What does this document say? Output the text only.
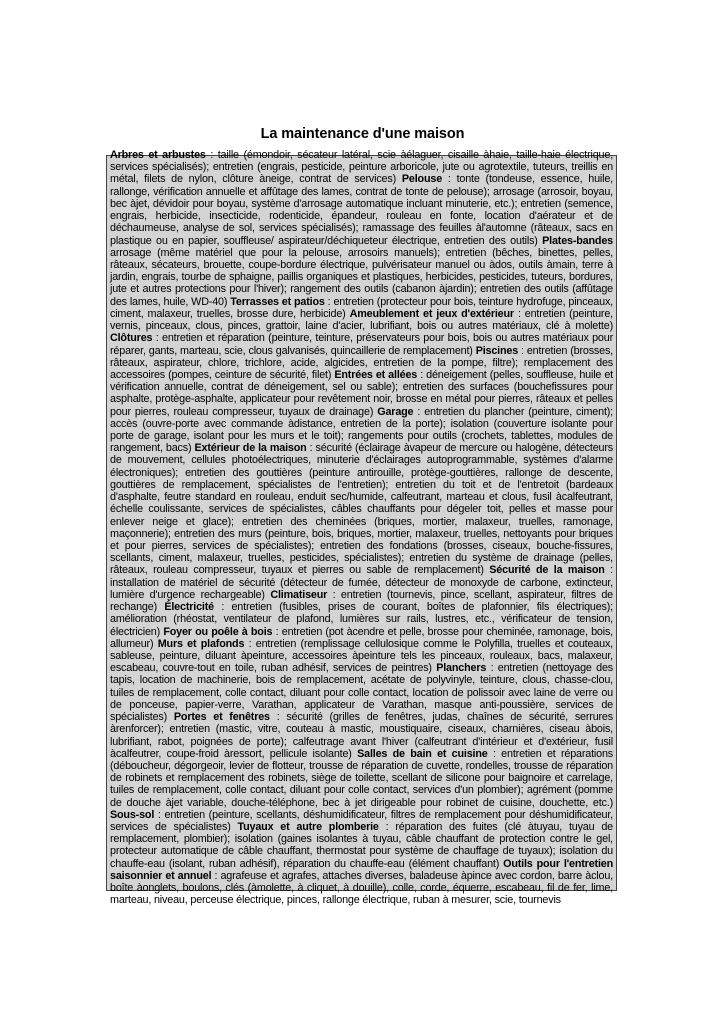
La maintenance d'une maison

Arbres et arbustes : taille (émondoir, sécateur latéral, scie àélaguer, cisaille àhaie, taille-haie électrique, services spécialisés); entretien (engrais, pesticide, peinture arboricole, jute ou agrotextile, tuteurs, treillis en métal, filets de nylon, clôture àneige, contrat de services) Pelouse : tonte (tondeuse, essence, huile, rallonge, vérification annuelle et affûtage des lames, contrat de tonte de pelouse); arrosage (arrosoir, boyau, bec àjet, dévidoir pour boyau, système d'arrosage automatique incluant minuterie, etc.); entretien (semence, engrais, herbicide, insecticide, rodenticide, épandeur, rouleau en fonte, location d'aérateur et de déchaumeuse, analyse de sol, services spécialisés); ramassage des feuilles àl'automne (râteaux, sacs en plastique ou en papier, souffleuse/ aspirateur/déchiqueteur électrique, entretien des outils) Plates-bandes arrosage (même matériel que pour la pelouse, arrosoirs manuels); entretien (bêches, binettes, pelles, râteaux, sécateurs, brouette, coupe-bordure électrique, pulvérisateur manuel ou àdos, outils àmain, terre à jardin, engrais, tourbe de sphaigne, paillis organiques et plastiques, herbicides, pesticides, tuteurs, bordures, jute et autres protections pour l'hiver); rangement des outils (cabanon àjardin); entretien des outils (affûtage des lames, huile, WD-40) Terrasses et patios : entretien (protecteur pour bois, teinture hydrofuge, pinceaux, ciment, malaxeur, truelles, brosse dure, herbicide) Ameublement et jeux d'extérieur : entretien (peinture, vernis, pinceaux, clous, pinces, grattoir, laine d'acier, lubrifiant, bois ou autres matériaux, clé à molette) Clôtures : entretien et réparation (peinture, teinture, préservateurs pour bois, bois ou autres matériaux pour réparer, gants, marteau, scie, clous galvanisés, quincaillerie de remplacement) Piscines : entretien (brosses, râteaux, aspirateur, chlore, trichlore, acide, algicides, entretien de la pompe, filtre); remplacement des accessoires (pompes, ceinture de sécurité, filet) Entrées et allées : déneigement (pelles, souffleuse, huile et vérification annuelle, contrat de déneigement, sel ou sable); entretien des surfaces (bouchefissures pour asphalte, protège-asphalte, applicateur pour revêtement noir, brosse en métal pour pierres, râteaux et pelles pour pierres, rouleau compresseur, tuyaux de drainage) Garage : entretien du plancher (peinture, ciment); accès (ouvre-porte avec commande àdistance, entretien de la porte); isolation (couverture isolante pour porte de garage, isolant pour les murs et le toit); rangements pour outils (crochets, tablettes, modules de rangement, bacs) Extérieur de la maison : sécurité (éclairage àvapeur de mercure ou halogène, détecteurs de mouvement, cellules photoélectriques, minuterie d'éclairages autoprogrammable, systèmes d'alarme électroniques); entretien des gouttières (peinture antirouille, protège-gouttières, rallonge de descente, gouttières de remplacement, spécialistes de l'entretien); entretien du toit et de l'entretoit (bardeaux d'asphalte, feutre standard en rouleau, enduit sec/humide, calfeutrant, marteau et clous, fusil àcalfeutrant, échelle coulissante, services de spécialistes, câbles chauffants pour dégeler toit, pelles et masse pour enlever neige et glace); entretien des cheminées (briques, mortier, malaxeur, truelles, ramonage, maçonnerie); entretien des murs (peinture, bois, briques, mortier, malaxeur, truelles, nettoyants pour briques et pour pierres, services de spécialistes); entretien des fondations (brosses, ciseaux, bouche-fissures, scellants, ciment, malaxeur, truelles, pesticides, spécialistes); entretien du système de drainage (pelles, râteaux, rouleau compresseur, tuyaux et pierres ou sable de remplacement) Sécurité de la maison : installation de matériel de sécurité (détecteur de fumée, détecteur de monoxyde de carbone, extincteur, lumière d'urgence rechargeable) Climatiseur : entretien (tournevis, pince, scellant, aspirateur, filtres de rechange) Électricité : entretien (fusibles, prises de courant, boîtes de plafonnier, fils électriques); amélioration (rhéostat, ventilateur de plafond, lumières sur rails, lustres, etc., vérificateur de tension, électricien) Foyer ou poêle à bois : entretien (pot àcendre et pelle, brosse pour cheminée, ramonage, bois, allumeur) Murs et plafonds : entretien (remplissage cellulosique comme le Polyfilla, truelles et couteaux, sableuse, peinture, diluant àpeinture, accessoires àpeinture tels les pinceaux, rouleaux, bacs, malaxeur, escabeau, couvre-tout en toile, ruban adhésif, services de peintres) Planchers : entretien (nettoyage des tapis, location de machinerie, bois de remplacement, acétate de polyvinyle, teinture, clous, chasse-clou, tuiles de remplacement, colle contact, diluant pour colle contact, location de polissoir avec laine de verre ou de ponceuse, papier-verre, Varathan, applicateur de Varathan, masque anti-poussière, services de spécialistes) Portes et fenêtres : sécurité (grilles de fenêtres, judas, chaînes de sécurité, serrures àrenforcer); entretien (mastic, vitre, couteau à mastic, moustiquaire, ciseaux, charnières, ciseau àbois, lubrifiant, rabot, poignées de porte); calfeutrage avant l'hiver (calfeutrant d'intérieur et d'extérieur, fusil àcalfeutrer, coupe-froid àressort, pellicule isolante) Salles de bain et cuisine : entretien et réparations (déboucheur, dégorgeoir, levier de flotteur, trousse de réparation de cuvette, rondelles, trousse de réparation de robinets et remplacement des robinets, siège de toilette, scellant de silicone pour baignoire et carrelage, tuiles de remplacement, colle contact, diluant pour colle contact, services d'un plombier); agrément (pomme de douche àjet variable, douche-téléphone, bec à jet dirigeable pour robinet de cuisine, douchette, etc.) Sous-sol : entretien (peinture, scellants, déshumidificateur, filtres de remplacement pour déshumidificateur, services de spécialistes) Tuyaux et autre plomberie : réparation des fuites (clé àtuyau, tuyau de remplacement, plombier); isolation (gaines isolantes à tuyau, câble chauffant de protection contre le gel, protecteur automatique de câble chauffant, thermostat pour système de chauffage de tuyaux); isolation du chauffe-eau (isolant, ruban adhésif), réparation du chauffe-eau (élément chauffant) Outils pour l'entretien saisonnier et annuel : agrafeuse et agrafes, attaches diverses, baladeuse àpince avec cordon, barre àclou, boîte àonglets, boulons, clés (àmolette, à cliquet, à douille), colle, corde, équerre, escabeau, fil de fer, lime, marteau, niveau, perceuse électrique, pinces, rallonge électrique, ruban à mesurer, scie, tournevis
